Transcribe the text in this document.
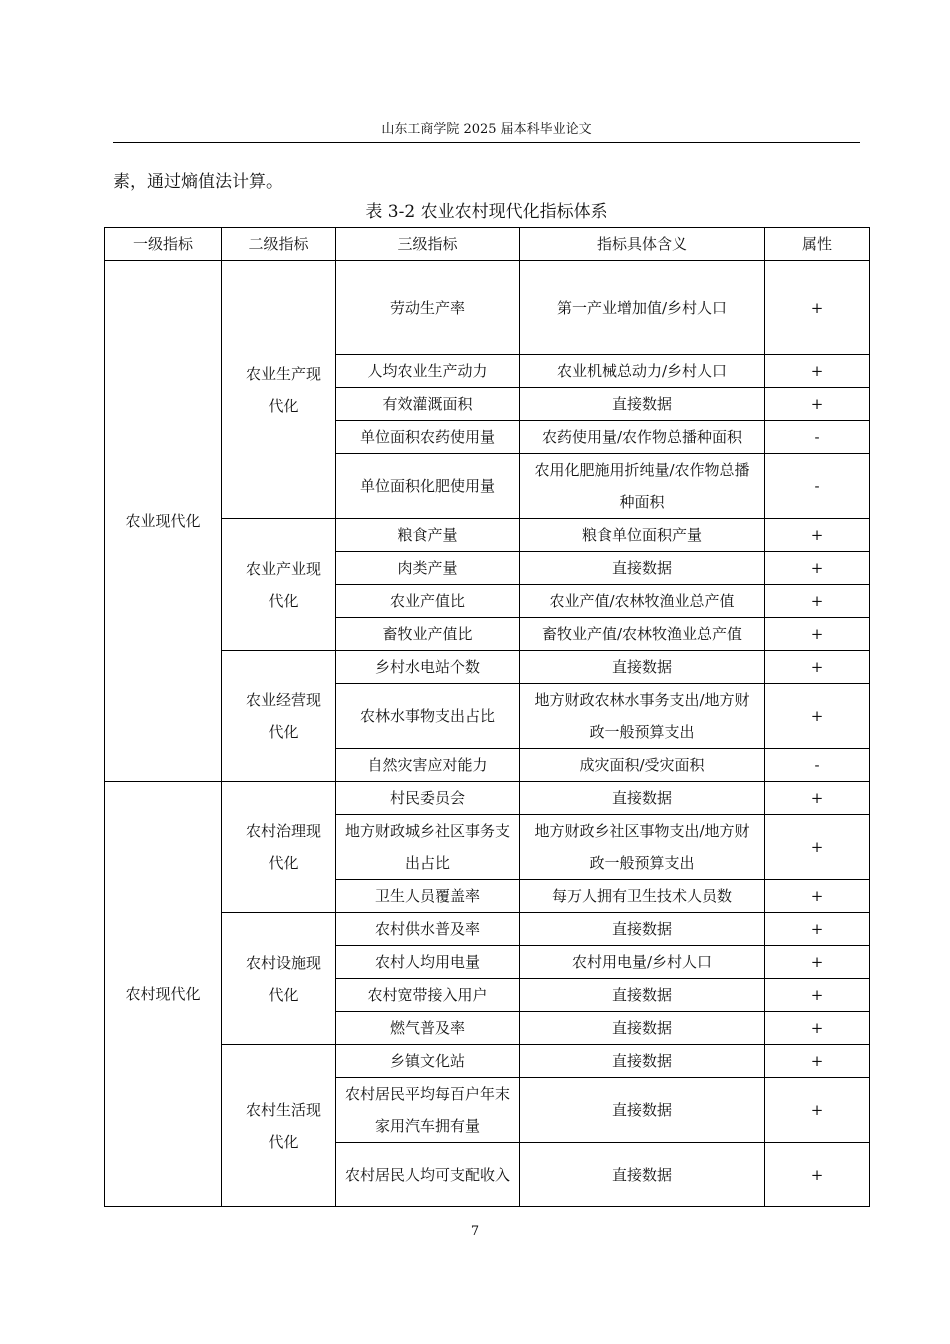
山东工商学院 2025 届本科毕业论文
素，通过熵值法计算。
表 3-2 农业农村现代化指标体系
一级指标	二级指标	三级指标	指标具体含义	属性
农业现代化	农业生产现代化	劳动生产率	第一产业增加值/乡村人口	+
		人均农业生产动力	农业机械总动力/乡村人口	+
		有效灌溉面积	直接数据	+
		单位面积农药使用量	农药使用量/农作物总播种面积	-
		单位面积化肥使用量	农用化肥施用折纯量/农作物总播种面积	-
	农业产业现代化	粮食产量	粮食单位面积产量	+
		肉类产量	直接数据	+
		农业产值比	农业产值/农林牧渔业总产值	+
		畜牧业产值比	畜牧业产值/农林牧渔业总产值	+
	农业经营现代化	乡村水电站个数	直接数据	+
		农林水事物支出占比	地方财政农林水事务支出/地方财政一般预算支出	+
		自然灾害应对能力	成灾面积/受灾面积	-
农村现代化	农村治理现代化	村民委员会	直接数据	+
		地方财政城乡社区事务支出占比	地方财政乡社区事物支出/地方财政一般预算支出	+
		卫生人员覆盖率	每万人拥有卫生技术人员数	+
	农村设施现代化	农村供水普及率	直接数据	+
		农村人均用电量	农村用电量/乡村人口	+
		农村宽带接入用户	直接数据	+
		燃气普及率	直接数据	+
	农村生活现代化	乡镇文化站	直接数据	+
		农村居民平均每百户年末家用汽车拥有量	直接数据	+
		农村居民人均可支配收入	直接数据	+
7
